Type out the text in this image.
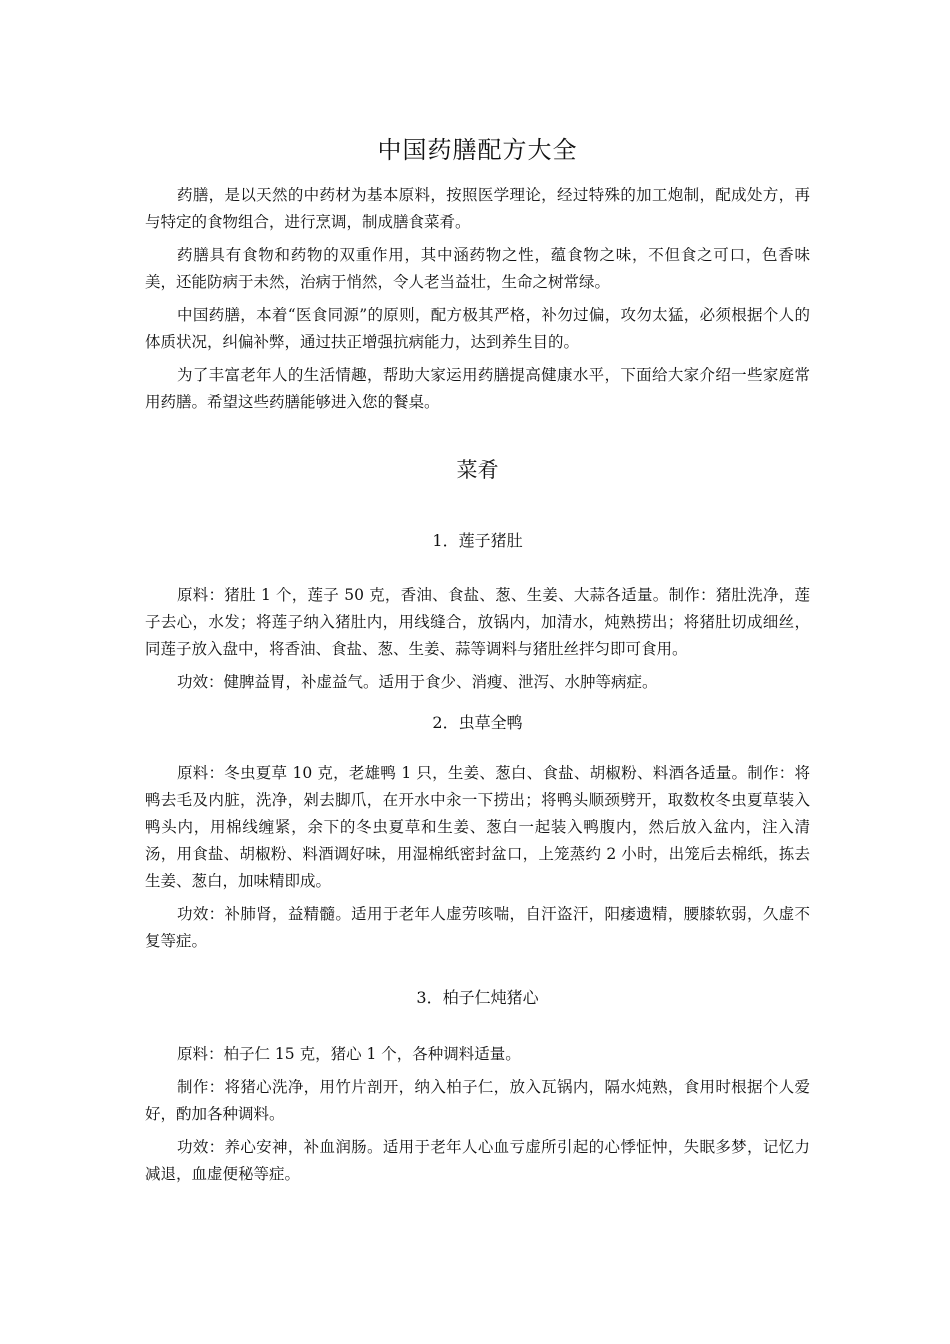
中国药膳配方大全

药膳，是以天然的中药材为基本原料，按照医学理论，经过特殊的加工炮制，配成处方，再与特定的食物组合，进行烹调，制成膳食菜肴。

药膳具有食物和药物的双重作用，其中涵药物之性，蕴食物之味，不但食之可口，色香味美，还能防病于未然，治病于悄然，令人老当益壮，生命之树常绿。

中国药膳，本着“医食同源”的原则，配方极其严格，补勿过偏，攻勿太猛，必须根据个人的体质状况，纠偏补弊，通过扶正增强抗病能力，达到养生目的。

为了丰富老年人的生活情趣，帮助大家运用药膳提高健康水平，下面给大家介绍一些家庭常用药膳。希望这些药膳能够进入您的餐桌。

菜肴
1．莲子猪肚

原料：猪肚 1 个，莲子 50 克，香油、食盐、葱、生姜、大蒜各适量。制作：猪肚洗净，莲子去心，水发；将莲子纳入猪肚内，用线缝合，放锅内，加清水，炖熟捞出；将猪肚切成细丝，同莲子放入盘中，将香油、食盐、葱、生姜、蒜等调料与猪肚丝拌匀即可食用。

功效：健脾益胃，补虚益气。适用于食少、消瘦、泄泻、水肿等病症。

2．虫草全鸭

原料：冬虫夏草 10 克，老雄鸭 1 只，生姜、葱白、食盐、胡椒粉、料酒各适量。制作：将鸭去毛及内脏，洗净，剁去脚爪，在开水中汆一下捞出；将鸭头顺颈劈开，取数枚冬虫夏草装入鸭头内，用棉线缠紧，余下的冬虫夏草和生姜、葱白一起装入鸭腹内，然后放入盆内，注入清汤，用食盐、胡椒粉、料酒调好味，用湿棉纸密封盆口，上笼蒸约 2 小时，出笼后去棉纸，拣去生姜、葱白，加味精即成。

功效：补肺肾，益精髓。适用于老年人虚劳咳喘，自汗盗汗，阳痿遗精，腰膝软弱，久虚不复等症。

3．柏子仁炖猪心

原料：柏子仁 15 克，猪心 1 个，各种调料适量。

制作：将猪心洗净，用竹片剖开，纳入柏子仁，放入瓦锅内，隔水炖熟，食用时根据个人爱好，酌加各种调料。

功效：养心安神，补血润肠。适用于老年人心血亏虚所引起的心悸怔忡，失眠多梦，记忆力减退，血虚便秘等症。
